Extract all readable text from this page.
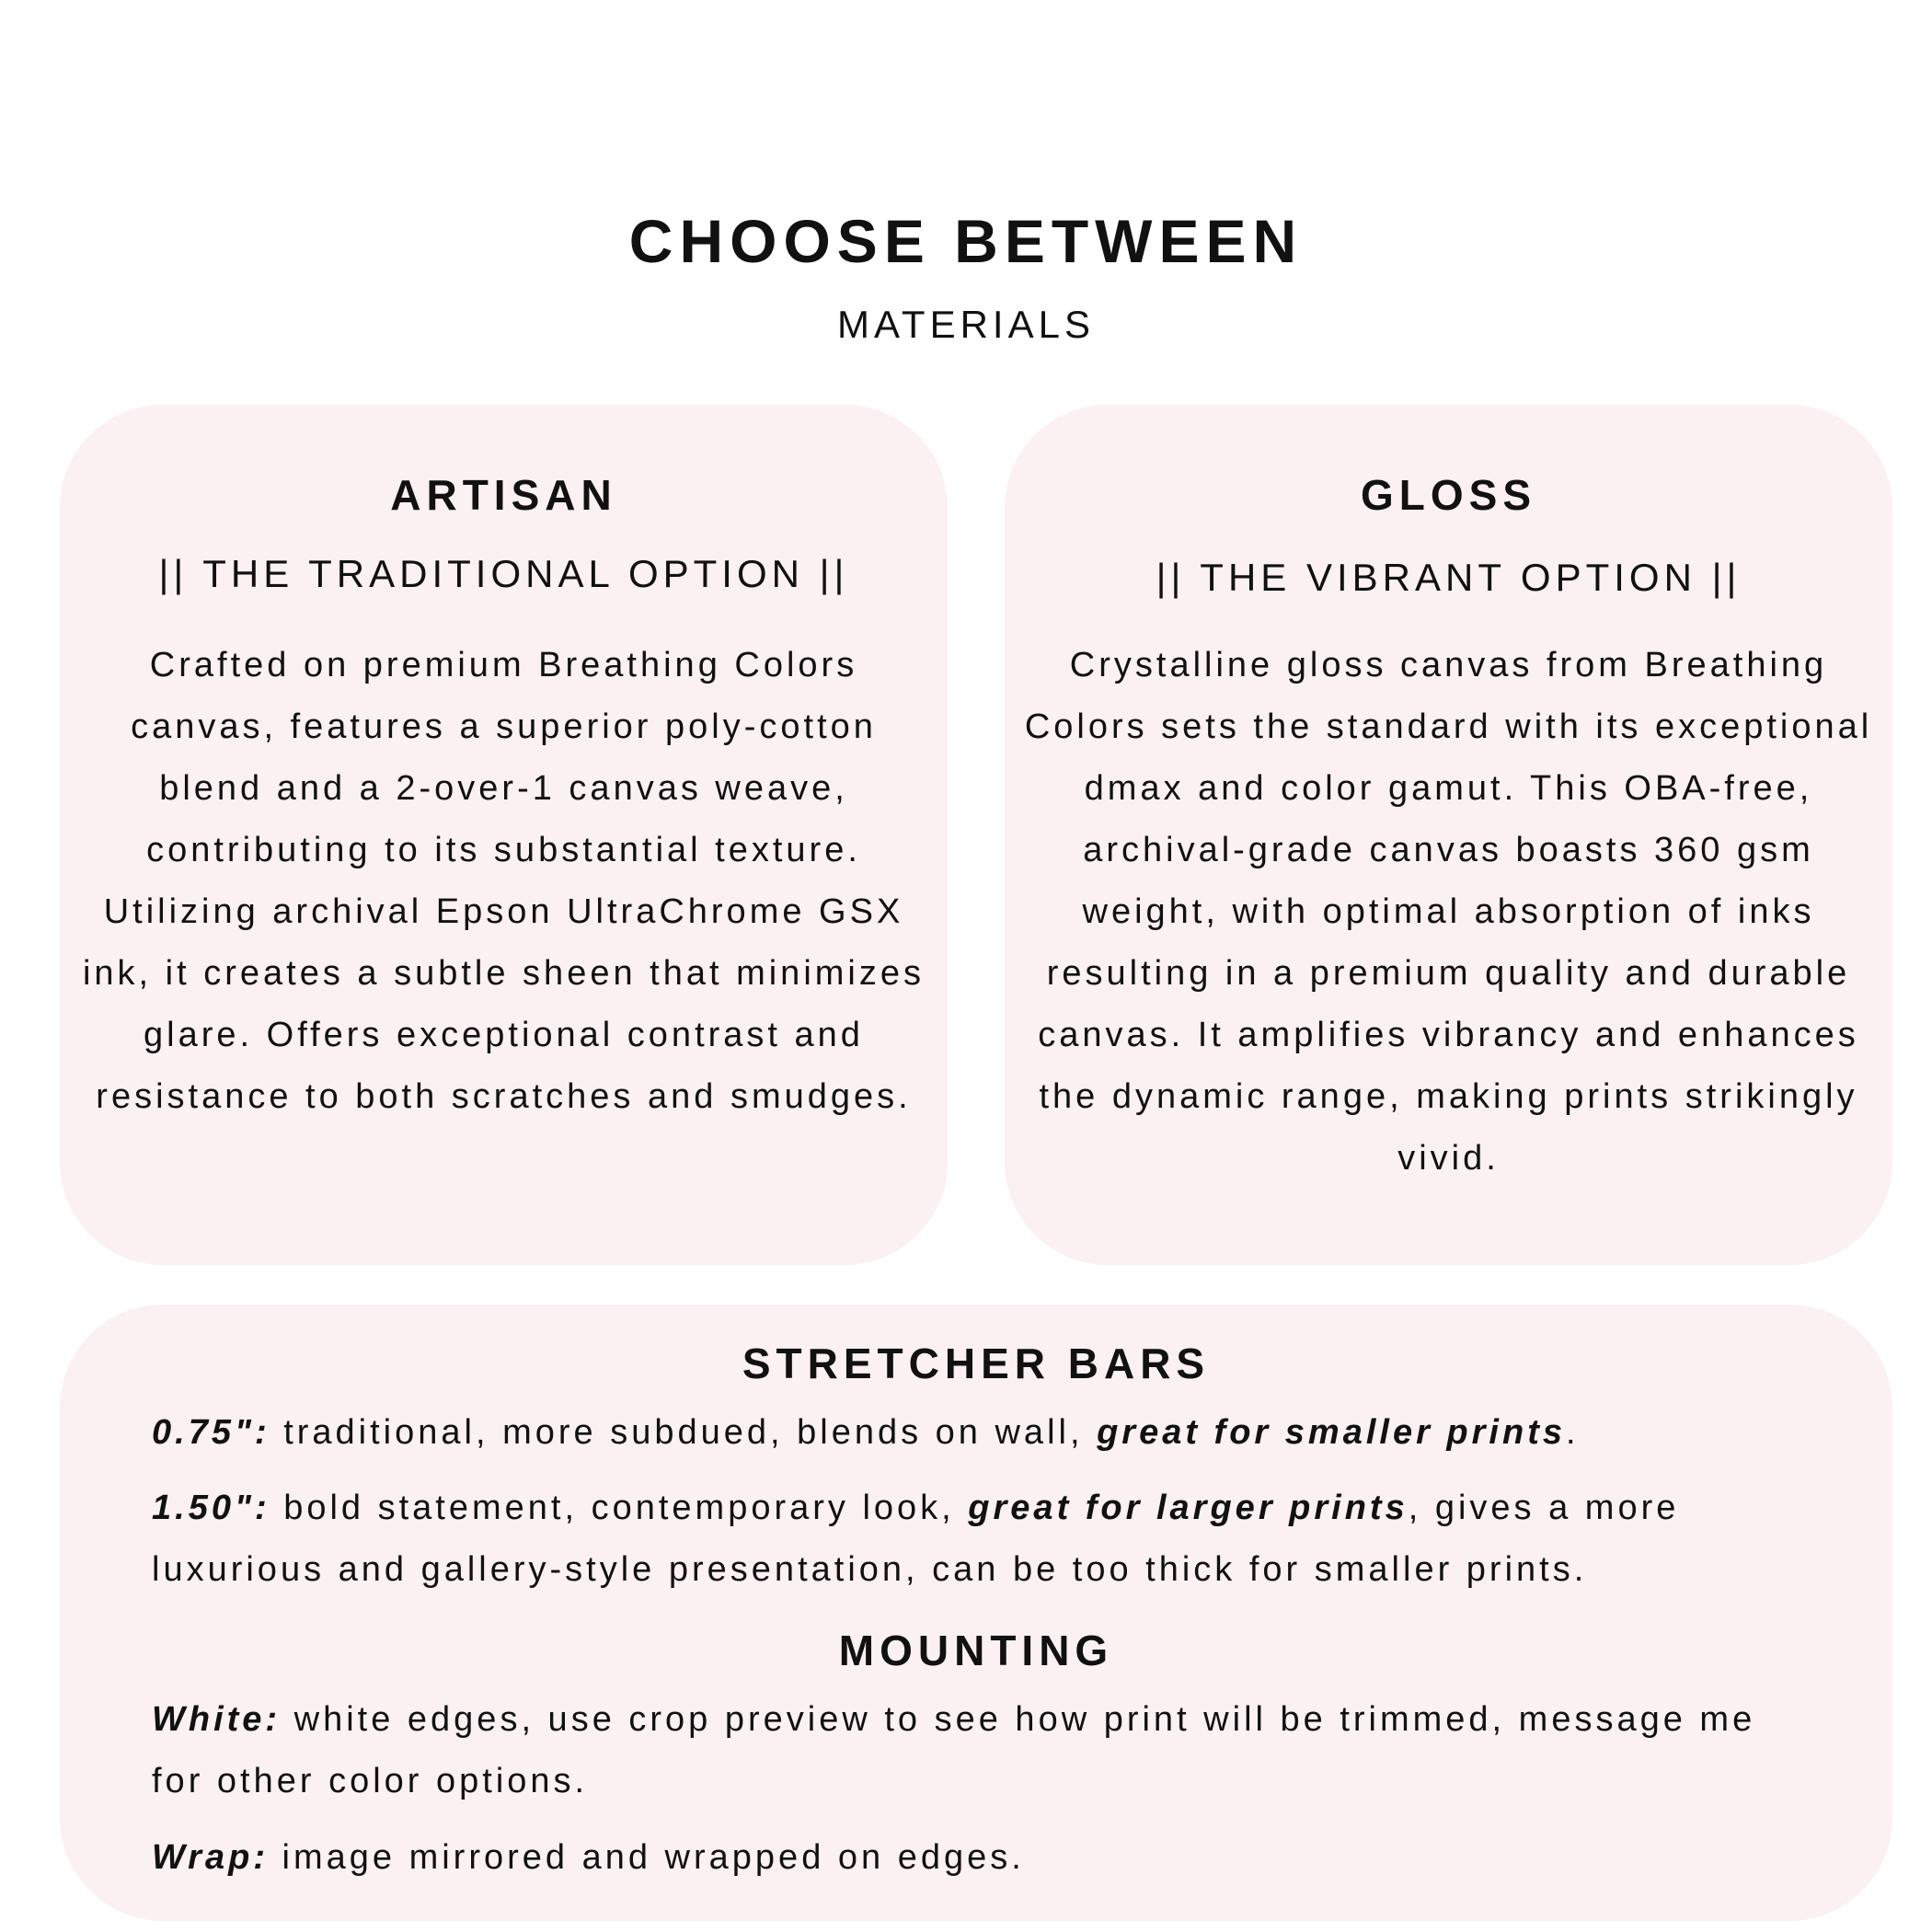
CHOOSE BETWEEN
MATERIALS
ARTISAN
|| THE TRADITIONAL OPTION ||

Crafted on premium Breathing Colors canvas, features a superior poly-cotton blend and a 2-over-1 canvas weave, contributing to its substantial texture. Utilizing archival Epson UltraChrome GSX ink, it creates a subtle sheen that minimizes glare. Offers exceptional contrast and resistance to both scratches and smudges.

GLOSS
|| THE VIBRANT OPTION ||

Crystalline gloss canvas from Breathing Colors sets the standard with its exceptional dmax and color gamut. This OBA-free, archival-grade canvas boasts 360 gsm weight, with optimal absorption of inks resulting in a premium quality and durable canvas. It amplifies vibrancy and enhances the dynamic range, making prints strikingly vivid.

STRETCHER BARS

0.75": traditional, more subdued, blends on wall, great for smaller prints.

1.50": bold statement, contemporary look, great for larger prints, gives a more luxurious and gallery-style presentation, can be too thick for smaller prints.

MOUNTING

White: white edges, use crop preview to see how print will be trimmed, message me for other color options.

Wrap: image mirrored and wrapped on edges.
